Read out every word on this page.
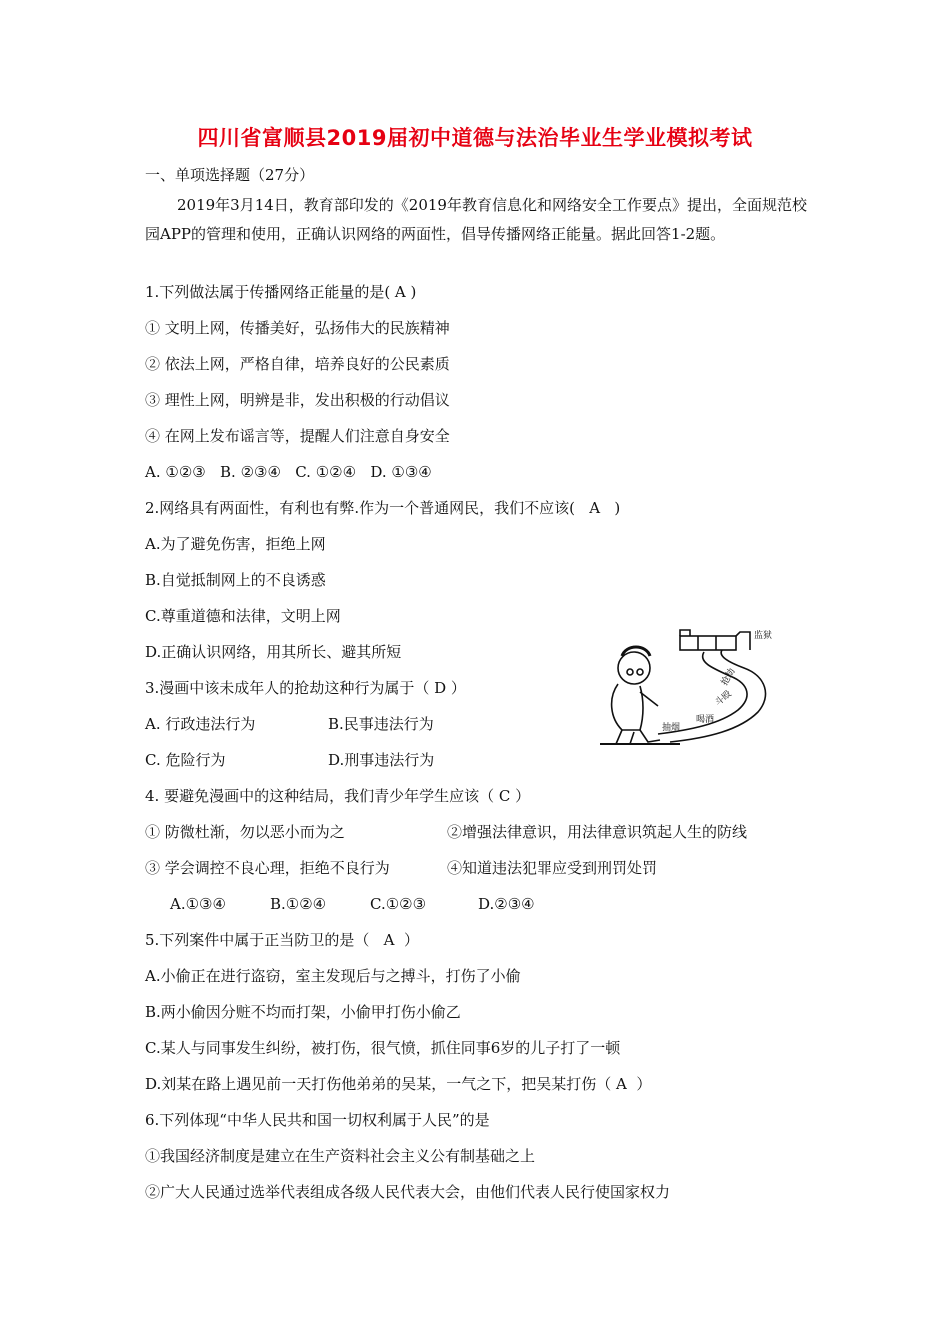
四川省富顺县2019届初中道德与法治毕业生学业模拟考试
一、单项选择题（27分）
2019年3月14日，教育部印发的《2019年教育信息化和网络安全工作要点》提出，全面规范校园APP的管理和使用，正确认识网络的两面性，倡导传播网络正能量。据此回答1-2题。
1.下列做法属于传播网络正能量的是( A )
① 文明上网，传播美好，弘扬伟大的民族精神
② 依法上网，严格自律，培养良好的公民素质
③ 理性上网，明辨是非，发出积极的行动倡议
④ 在网上发布谣言等，提醒人们注意自身安全
A. ①②③   B. ②③④   C. ①②④   D. ①③④
2.网络具有两面性，有利也有弊.作为一个普通网民，我们不应该(   A   )
A.为了避免伤害，拒绝上网
B.自觉抵制网上的不良诱惑
C.尊重道德和法律，文明上网
D.正确认识网络，用其所长、避其所短
监狱
抽烟
喝酒
斗殴
抢劫
3.漫画中该未成年人的抢劫这种行为属于（ D ）
A. 行政违法行为	B.民事违法行为
C. 危险行为	D.刑事违法行为
4. 要避免漫画中的这种结局，我们青少年学生应该（ C ）
① 防微杜渐，勿以恶小而为之	②增强法律意识，用法律意识筑起人生的防线
③ 学会调控不良心理，拒绝不良行为	④知道违法犯罪应受到刑罚处罚
A.①③④	B.①②④	C.①②③	D.②③④
5.下列案件中属于正当防卫的是（   A  ）
A.小偷正在进行盗窃，室主发现后与之搏斗，打伤了小偷
B.两小偷因分赃不均而打架，小偷甲打伤小偷乙
C.某人与同事发生纠纷，被打伤，很气愤，抓住同事6岁的儿子打了一顿
D.刘某在路上遇见前一天打伤他弟弟的吴某，一气之下，把吴某打伤（ A  ）
6.下列体现“中华人民共和国一切权利属于人民”的是
①我国经济制度是建立在生产资料社会主义公有制基础之上
②广大人民通过选举代表组成各级人民代表大会，由他们代表人民行使国家权力
